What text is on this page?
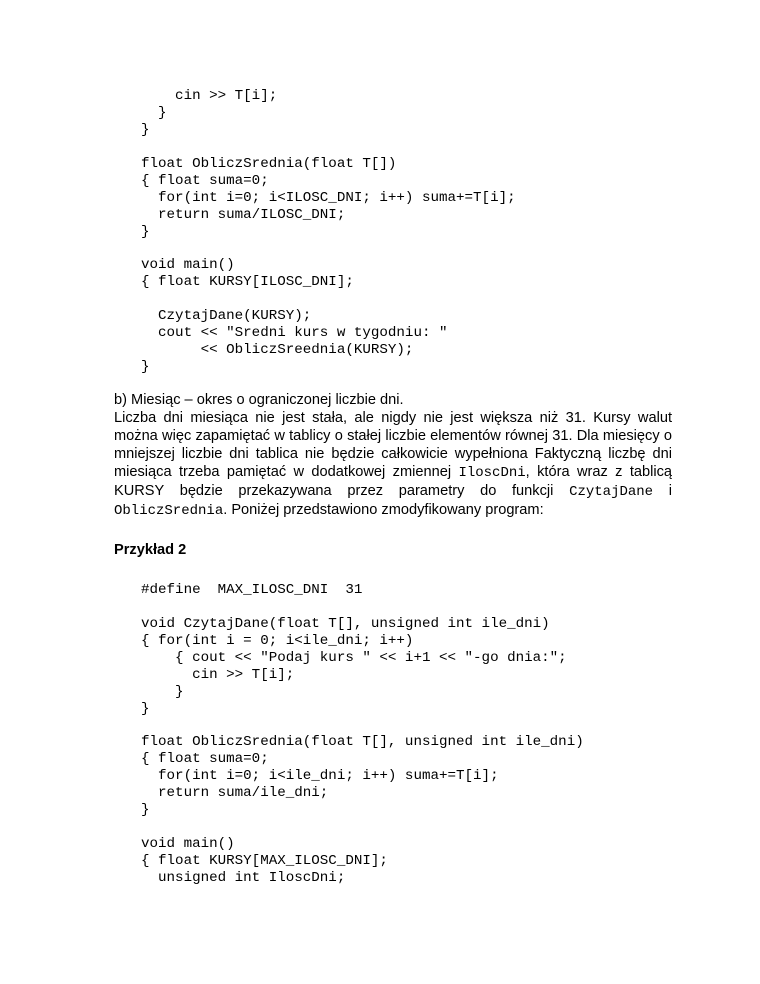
cin >> T[i];
}
}
float ObliczSrednia(float T[])
{ float suma=0;
for(int i=0; i<ILOSC_DNI; i++) suma+=T[i];
return suma/ILOSC_DNI;
}
void main()
{ float KURSY[ILOSC_DNI];
CzytajDane(KURSY);
cout << "Sredni kurs w tygodniu: "
<< ObliczSreednia(KURSY);
}
b) Miesiąc – okres o ograniczonej liczbie dni.
Liczba dni miesiąca nie jest stała, ale nigdy nie jest większa niż 31. Kursy walut można więc zapamiętać w tablicy o stałej liczbie elementów równej 31. Dla miesięcy o mniejszej liczbie dni tablica nie będzie całkowicie wypełniona Faktyczną liczbę dni miesiąca trzeba pamiętać w dodatkowej zmiennej IloscDni, która wraz z tablicą KURSY będzie przekazywana przez parametry do funkcji CzytajDane i ObliczSrednia. Poniżej przedstawiono zmodyfikowany program:
Przykład 2
#define  MAX_ILOSC_DNI  31
void CzytajDane(float T[], unsigned int ile_dni)
{ for(int i = 0; i<ile_dni; i++)
{ cout << "Podaj kurs " << i+1 << "-go dnia:";
cin >> T[i];
}
}
float ObliczSrednia(float T[], unsigned int ile_dni)
{ float suma=0;
for(int i=0; i<ile_dni; i++) suma+=T[i];
return suma/ile_dni;
}
void main()
{ float KURSY[MAX_ILOSC_DNI];
unsigned int IloscDni;
